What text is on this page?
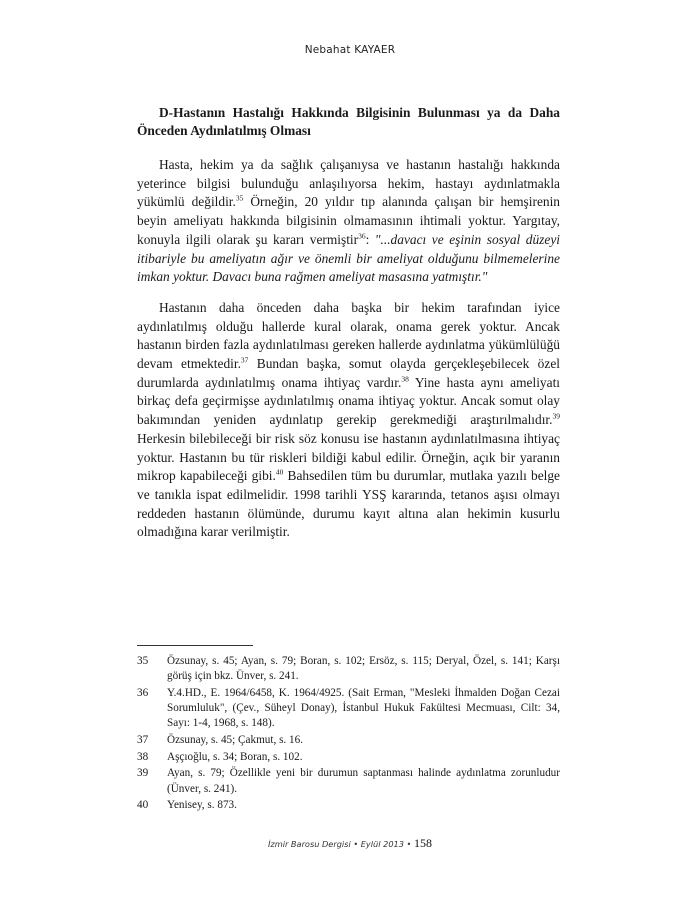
Nebahat KAYAER

D-Hastanın Hastalığı Hakkında Bilgisinin Bulunması ya da Daha Önceden Aydınlatılmış Olması

Hasta, hekim ya da sağlık çalışanıysa ve hastanın hastalığı hakkında yeterince bilgisi bulunduğu anlaşılıyorsa hekim, hastayı aydınlatmakla yükümlü değildir.$^{35}$ Örneğin, 20 yıldır tıp alanında çalışan bir hemşirenin beyin ameliyatı hakkında bilgisinin olmamasının ihtimali yoktur. Yargıtay, konuyla ilgili olarak şu kararı vermiştir$^{36}$: "...davacı ve eşinin sosyal düzeyi itibariyle bu ameliyatın ağır ve önemli bir ameliyat olduğunu bilmemelerine imkan yoktur. Davacı buna rağmen ameliyat masasına yatmıştır."

Hastanın daha önceden daha başka bir hekim tarafından iyice aydınlatılmış olduğu hallerde kural olarak, onama gerek yoktur. Ancak hastanın birden fazla aydınlatılması gereken hallerde aydınlatma yükümlülüğü devam etmektedir.$^{37}$ Bundan başka, somut olayda gerçekleşebilecek özel durumlarda aydınlatılmış onama ihtiyaç vardır.$^{38}$ Yine hasta aynı ameliyatı birkaç defa geçirmişse aydınlatılmış onama ihtiyaç yoktur. Ancak somut olay bakımından yeniden aydınlatıp gerekip gerekmediği araştırılmalıdır.$^{39}$ Herkesin bilebileceği bir risk söz konusu ise hastanın aydınlatılmasına ihtiyaç yoktur. Hastanın bu tür riskleri bildiği kabul edilir. Örneğin, açık bir yaranın mikrop kapabileceği gibi.$^{40}$ Bahsedilen tüm bu durumlar, mutlaka yazılı belge ve tanıkla ispat edilmelidir. 1998 tarihli YSŞ kararında, tetanos aşısı olmayı reddeden hastanın ölümünde, durumu kayıt altına alan hekimin kusurlu olmadığına karar verilmiştir.

35	Özsunay, s. 45; Ayan, s. 79; Boran, s. 102; Ersöz, s. 115; Deryal, Özel, s. 141; Karşı görüş için bkz. Ünver, s. 241.
36	Y.4.HD., E. 1964/6458, K. 1964/4925. (Sait Erman, "Mesleki İhmalden Doğan Cezai Sorumluluk", (Çev., Süheyl Donay), İstanbul Hukuk Fakültesi Mecmuası, Cilt: 34, Sayı: 1-4, 1968, s. 148).
37	Özsunay, s. 45; Çakmut, s. 16.
38	Aşçıoğlu, s. 34; Boran, s. 102.
39	Ayan, s. 79; Özellikle yeni bir durumun saptanması halinde aydınlatma zorunludur (Ünver, s. 241).
40	Yenisey, s. 873.
İzmir Barosu Dergisi • Eylül 2013 • 158
